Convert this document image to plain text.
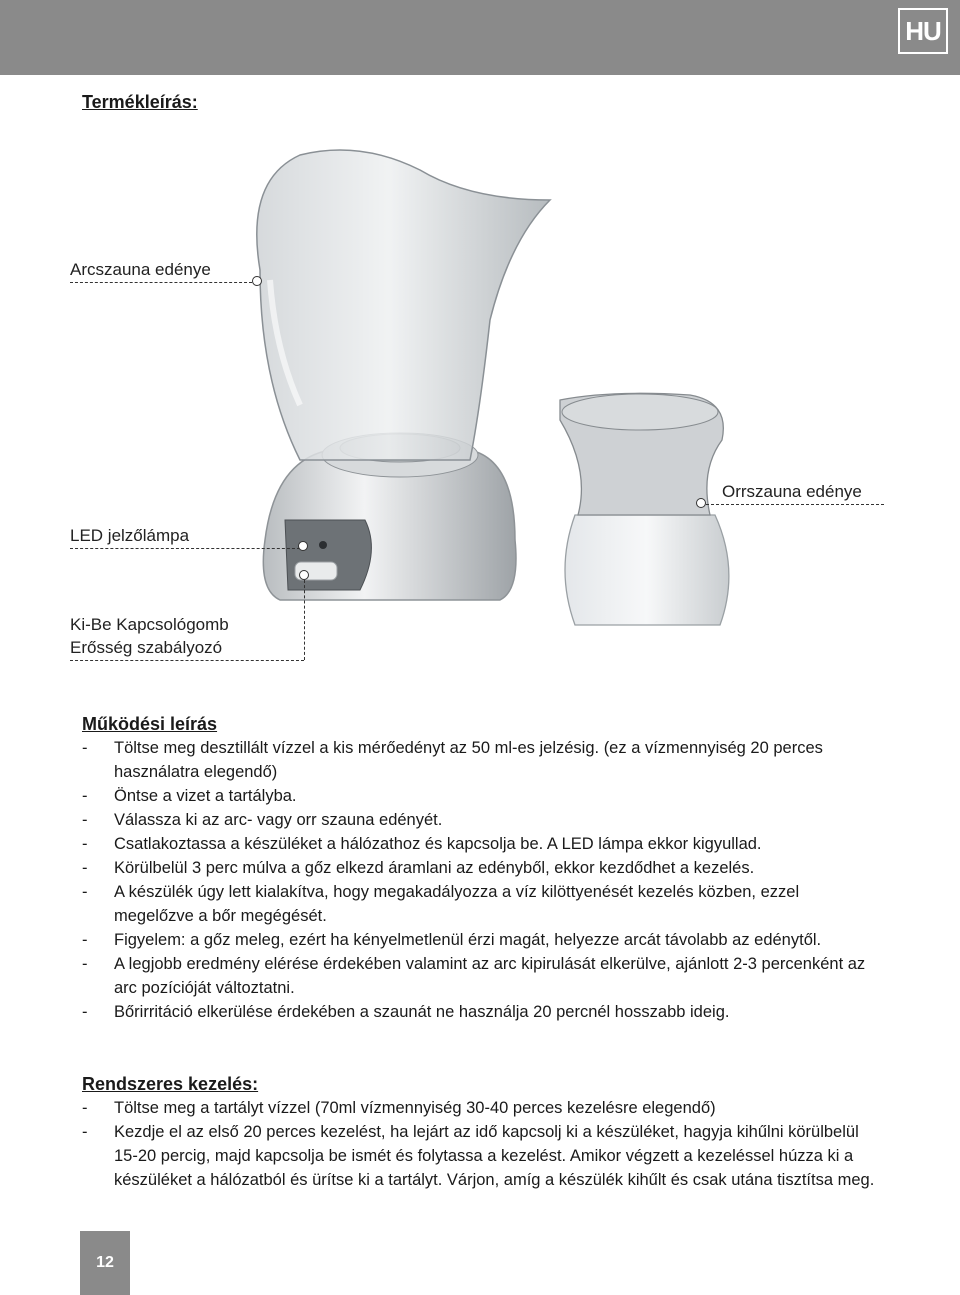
HU
Termékleírás:
Arcszauna edénye
Orrszauna edénye
LED jelzőlámpa
Ki-Be Kapcsológomb
Erősség szabályozó
Működési leírás
- Töltse meg desztillált vízzel a kis mérőedényt az 50 ml-es jelzésig. (ez a vízmennyiség 20 perces használatra elegendő)
- Öntse a vizet a tartályba.
- Válassza ki az arc- vagy orr szauna edényét.
- Csatlakoztassa a készüléket a hálózathoz és kapcsolja be. A LED lámpa ekkor kigyullad.
- Körülbelül 3 perc múlva a gőz elkezd áramlani az edényből, ekkor kezdődhet a kezelés.
- A készülék úgy lett kialakítva, hogy megakadályozza a víz kilöttyenését kezelés közben, ezzel megelőzve a bőr megégését.
- Figyelem: a gőz meleg, ezért ha kényelmetlenül érzi magát, helyezze arcát távolabb az edénytől.
- A legjobb eredmény elérése érdekében valamint az arc kipirulását elkerülve, ajánlott 2-3 percenként az arc pozícióját változtatni.
- Bőrirritáció elkerülése érdekében a szaunát ne használja 20 percnél hosszabb ideig.
Rendszeres kezelés:
- Töltse meg a tartályt vízzel (70ml vízmennyiség 30-40 perces kezelésre elegendő)
- Kezdje el az első 20 perces kezelést, ha lejárt az idő kapcsolj ki a készüléket, hagyja kihűlni körülbelül 15-20 percig, majd kapcsolja be ismét és folytassa a kezelést. Amikor végzett a kezeléssel húzza ki a készüléket a hálózatból és ürítse ki a tartályt. Várjon, amíg a készülék kihűlt és csak utána tisztítsa meg.
12
